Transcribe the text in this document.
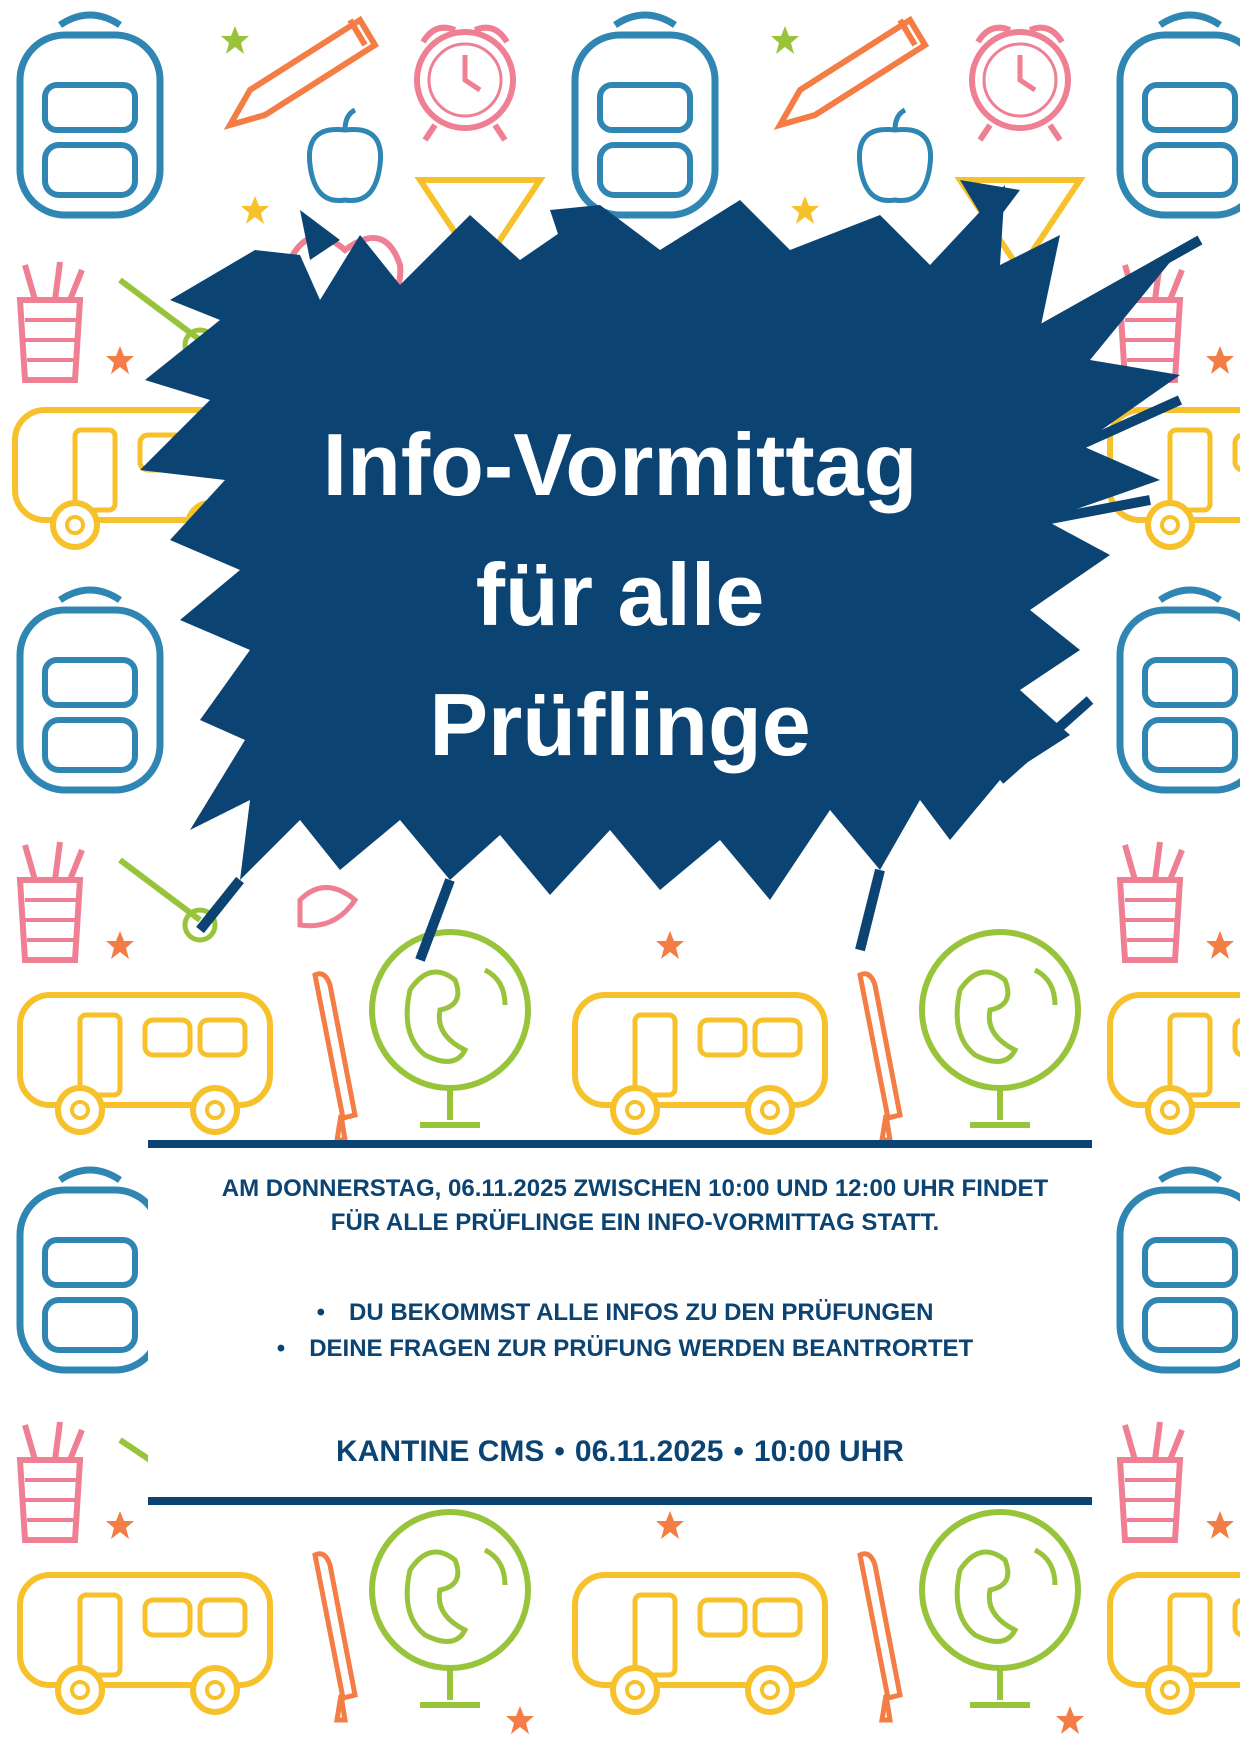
Info-Vormittag
für alle
Prüflinge
AM DONNERSTAG, 06.11.2025 ZWISCHEN 10:00 UND 12:00 UHR FINDET FÜR ALLE PRÜFLINGE EIN INFO-VORMITTAG STATT.
• DU BEKOMMST ALLE INFOS ZU DEN PRÜFUNGEN
• DEINE FRAGEN ZUR PRÜFUNG WERDEN BEANTRORTET
KANTINE CMS • 06.11.2025 • 10:00 UHR
